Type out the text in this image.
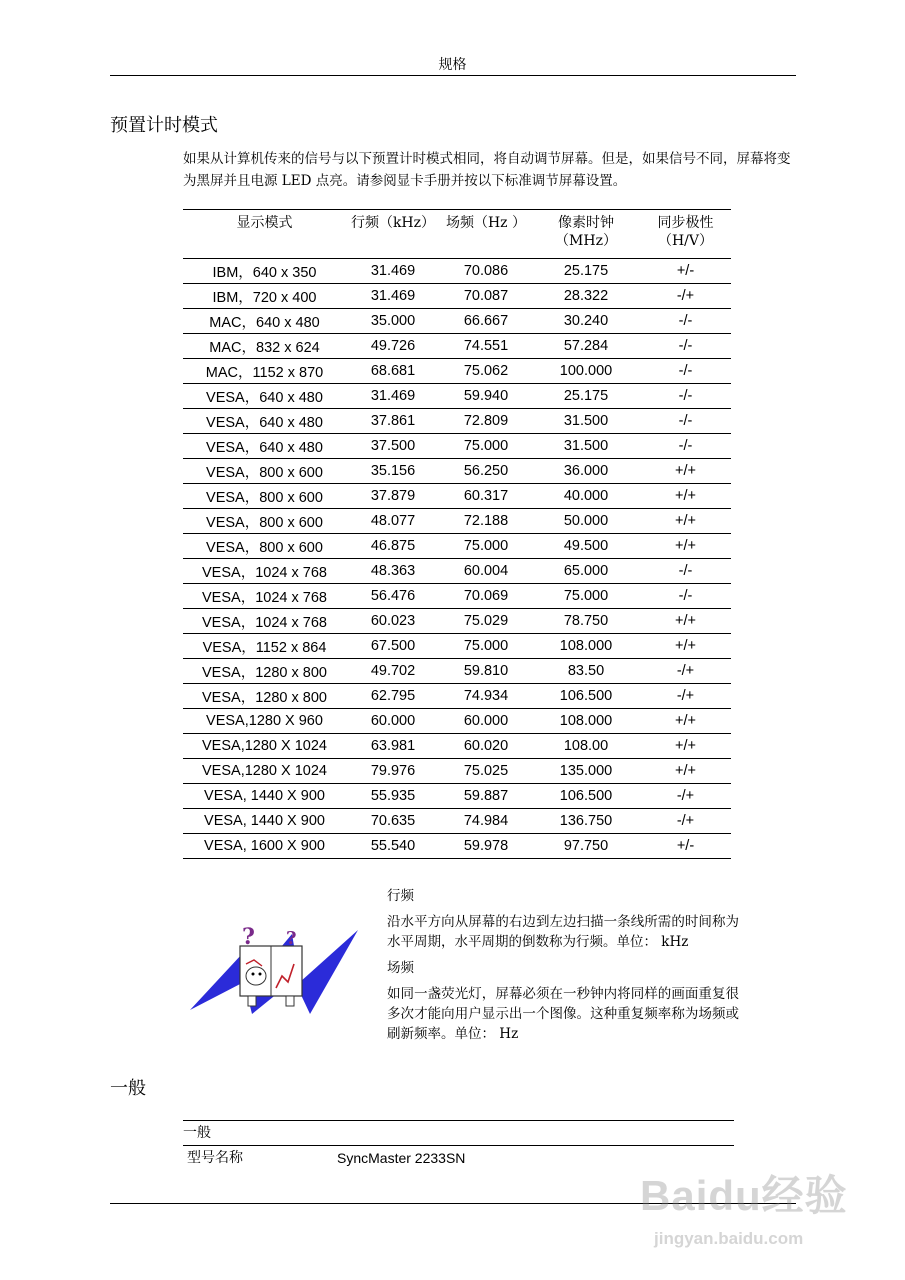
规格
预置计时模式

如果从计算机传来的信号与以下预置计时模式相同，将自动调节屏幕。但是，如果信号不同，屏幕将变为黑屏并且电源 LED 点亮。请参阅显卡手册并按以下标准调节屏幕设置。

显示模式	行频（kHz）	场频（Hz ）	像素时钟（MHz）	同步极性（H/V）
IBM，640 x 350	31.469	70.086	25.175	+/-
IBM，720 x 400	31.469	70.087	28.322	-/+
MAC，640 x 480	35.000	66.667	30.240	-/-
MAC，832 x 624	49.726	74.551	57.284	-/-
MAC，1152 x 870	68.681	75.062	100.000	-/-
VESA，640 x 480	31.469	59.940	25.175	-/-
VESA，640 x 480	37.861	72.809	31.500	-/-
VESA，640 x 480	37.500	75.000	31.500	-/-
VESA，800 x 600	35.156	56.250	36.000	+/+
VESA，800 x 600	37.879	60.317	40.000	+/+
VESA，800 x 600	48.077	72.188	50.000	+/+
VESA，800 x 600	46.875	75.000	49.500	+/+
VESA，1024 x 768	48.363	60.004	65.000	-/-
VESA，1024 x 768	56.476	70.069	75.000	-/-
VESA，1024 x 768	60.023	75.029	78.750	+/+
VESA，1152 x 864	67.500	75.000	108.000	+/+
VESA，1280 x 800	49.702	59.810	83.50	-/+
VESA，1280 x 800	62.795	74.934	106.500	-/+
VESA,1280 X 960	60.000	60.000	108.000	+/+
VESA,1280 X 1024	63.981	60.020	108.00	+/+
VESA,1280 X 1024	79.976	75.025	135.000	+/+
VESA, 1440 X 900	55.935	59.887	106.500	-/+
VESA, 1440 X 900	70.635	74.984	136.750	-/+
VESA, 1600 X 900	55.540	59.978	97.750	+/-
? ?

行频

沿水平方向从屏幕的右边到左边扫描一条线所需的时间称为水平周期，水平周期的倒数称为行频。单位： kHz

场频

如同一盏荧光灯，屏幕必须在一秒钟内将同样的画面重复很多次才能向用户显示出一个图像。这种重复频率称为场频或刷新频率。单位： Hz

一般
一般
型号名称	SyncMaster 2233SN
Baidu经验
jingyan.baidu.com
